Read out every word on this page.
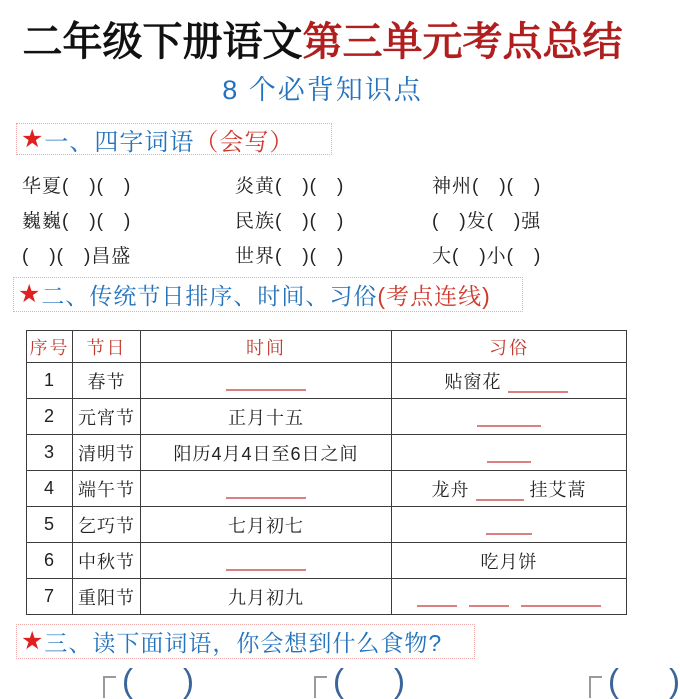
二年级下册语文第三单元考点总结
8 个必背知识点
★ 一、四字词语 （会写）
华夏(　)(　)	炎黄(　)(　)	神州(　)(　)
巍巍(　)(　)	民族(　)(　)	(　)发(　)强
(　)(　)昌盛	世界(　)(　)	大(　)小(　)
★ 二、传统节日排序、时间、习俗 (考点连线)
序号	节日	时间	习俗
1	春节		贴窗花
2	元宵节	正月十五	
3	清明节	阳历4月4日至6日之间	
4	端午节		龙舟 挂艾蒿
5	乞巧节	七月初七	
6	中秋节		吃月饼
7	重阳节	九月初九	
★ 三、读下面词语，你会想到什么食物?
( )	( )	( )
